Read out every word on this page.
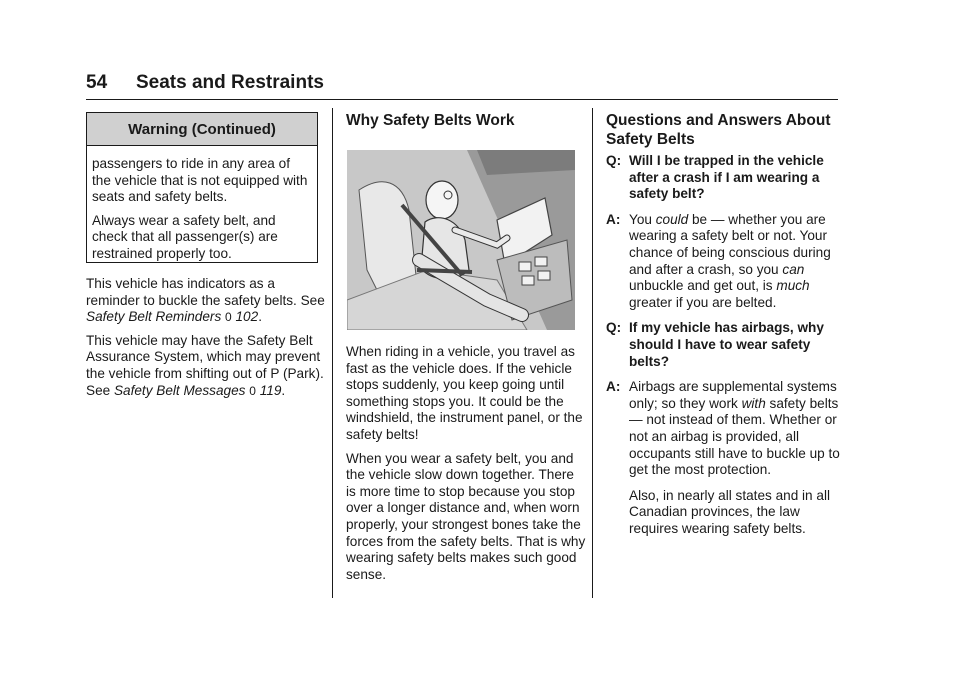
54 Seats and Restraints
Warning (Continued)

passengers to ride in any area of the vehicle that is not equipped with seats and safety belts.

Always wear a safety belt, and check that all passenger(s) are restrained properly too.

This vehicle has indicators as a reminder to buckle the safety belts. See Safety Belt Reminders 0 102.

This vehicle may have the Safety Belt Assurance System, which may prevent the vehicle from shifting out of P (Park). See Safety Belt Messages 0 119.

Why Safety Belts Work

When riding in a vehicle, you travel as fast as the vehicle does. If the vehicle stops suddenly, you keep going until something stops you. It could be the windshield, the instrument panel, or the safety belts!

When you wear a safety belt, you and the vehicle slow down together. There is more time to stop because you stop over a longer distance and, when worn properly, your strongest bones take the forces from the safety belts. That is why wearing safety belts makes such good sense.

Questions and Answers About Safety Belts
Q: Will I be trapped in the vehicle after a crash if I am wearing a safety belt?
A: You could be — whether you are wearing a safety belt or not. Your chance of being conscious during and after a crash, so you can unbuckle and get out, is much greater if you are belted.
Q: If my vehicle has airbags, why should I have to wear safety belts?
A: Airbags are supplemental systems only; so they work with safety belts — not instead of them. Whether or not an airbag is provided, all occupants still have to buckle up to get the most protection.
Also, in nearly all states and in all Canadian provinces, the law requires wearing safety belts.
